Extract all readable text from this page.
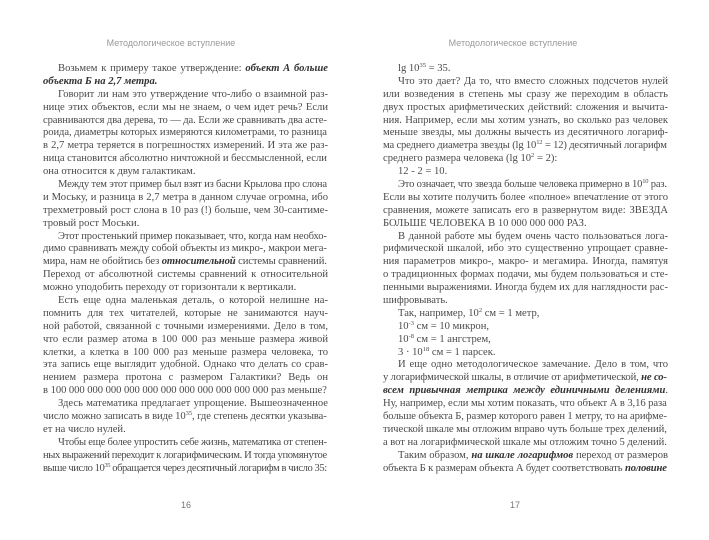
Методологическое вступление
Возьмем к примеру такое утверждение: объект А больше
объекта Б на 2,7 метра.
Говорит ли нам это утверждение что-либо о взаимной раз-
нице этих объектов, если мы не знаем, о чем идет речь? Если
сравниваются два дерева, то — да. Если же сравнивать два асте-
роида, диаметры которых измеряются километрами, то разница
в 2,7 метра теряется в погрешностях измерений. И эта же раз-
ница становится абсолютно ничтожной и бессмысленной, если
она относится к двум галактикам.
Между тем этот пример был взят из басни Крылова про слона
и Моську, и разница в 2,7 метра в данном случае огромна, ибо
трехметровый рост слона в 10 раз (!) больше, чем 30-сантиме-
тровый рост Моськи.
Этот простенький пример показывает, что, когда нам необхо-
димо сравнивать между собой объекты из микро-, макрои мега-
мира, нам не обойтись без относительной системы сравнений.
Переход от абсолютной системы сравнений к относительной
можно уподобить переходу от горизонтали к вертикали.
Есть еще одна маленькая деталь, о которой нелишне на-
помнить для тех читателей, которые не занимаются науч-
ной работой, связанной с точными измерениями. Дело в том,
что если размер атома в 100 000 раз меньше размера живой
клетки, а клетка в 100 000 раз меньше размера человека, то
эта запись еще выглядит удобной. Однако что делать со срав-
нением размера протона с размером Галактики? Ведь он
в 100 000 000 000 000 000 000 000 000 000 000 000 раз меньше?
Здесь математика предлагает упрощение. Вышеозначенное
число можно записать в виде $10^{35}$, где степень десятки указыва-
ет на число нулей.
Чтобы еще более упростить себе жизнь, математика от степен-
ных выражений переходит к логарифмическим. И тогда упомянутое
выше число $10^{35}$ обращается через десятичный логарифм в число 35:
16
Методологическое вступление
$\lg 10^{35} = 35$.
Что это дает? Да то, что вместо сложных подсчетов нулей
или возведения в степень мы сразу же переходим в область
двух простых арифметических действий: сложения и вычита-
ния. Например, если мы хотим узнать, во сколько раз человек
меньше звезды, мы должны вычесть из десятичного логариф-
ма среднего диаметра звезды (lg $10^{12} = 12$) десятичный логарифм
среднего размера человека (lg $10^2 = 2$):
12 - 2 = 10.
Это означает, что звезда больше человека примерно в $10^{10}$ раз.
Если вы хотите получить более «полное» впечатление от этого
сравнения, можете записать его в развернутом виде: ЗВЕЗДА
БОЛЬШЕ ЧЕЛОВЕКА В 10 000 000 000 РАЗ.
В данной работе мы будем очень часто пользоваться лога-
рифмической шкалой, ибо это существенно упрощает сравне-
ния параметров микро-, макро- и мегамира. Иногда, памятуя
о традиционных формах подачи, мы будем пользоваться и сте-
пенными выражениями. Иногда будем их для наглядности рас-
шифровывать.
Так, например, $10^2$ см = 1 метр,
$10^{-3}$ см = 10 микрон,
$10^{-8}$ см = 1 ангстрем,
$3 \cdot 10^{18}$ см = 1 парсек.
И еще одно методологическое замечание. Дело в том, что
у логарифмической шкалы, в отличие от арифметической, не со-
всем привычная метрика между единичными делениями.
Ну, например, если мы хотим показать, что объект А в 3,16 раза
больше объекта Б, размер которого равен 1 метру, то на арифме-
тической шкале мы отложим вправо чуть больше трех делений,
а вот на логарифмической шкале мы отложим точно 5 делений.
Таким образом, на шкале логарифмов переход от размеров
объекта Б к размерам объекта А будет соответствовать половине
17
